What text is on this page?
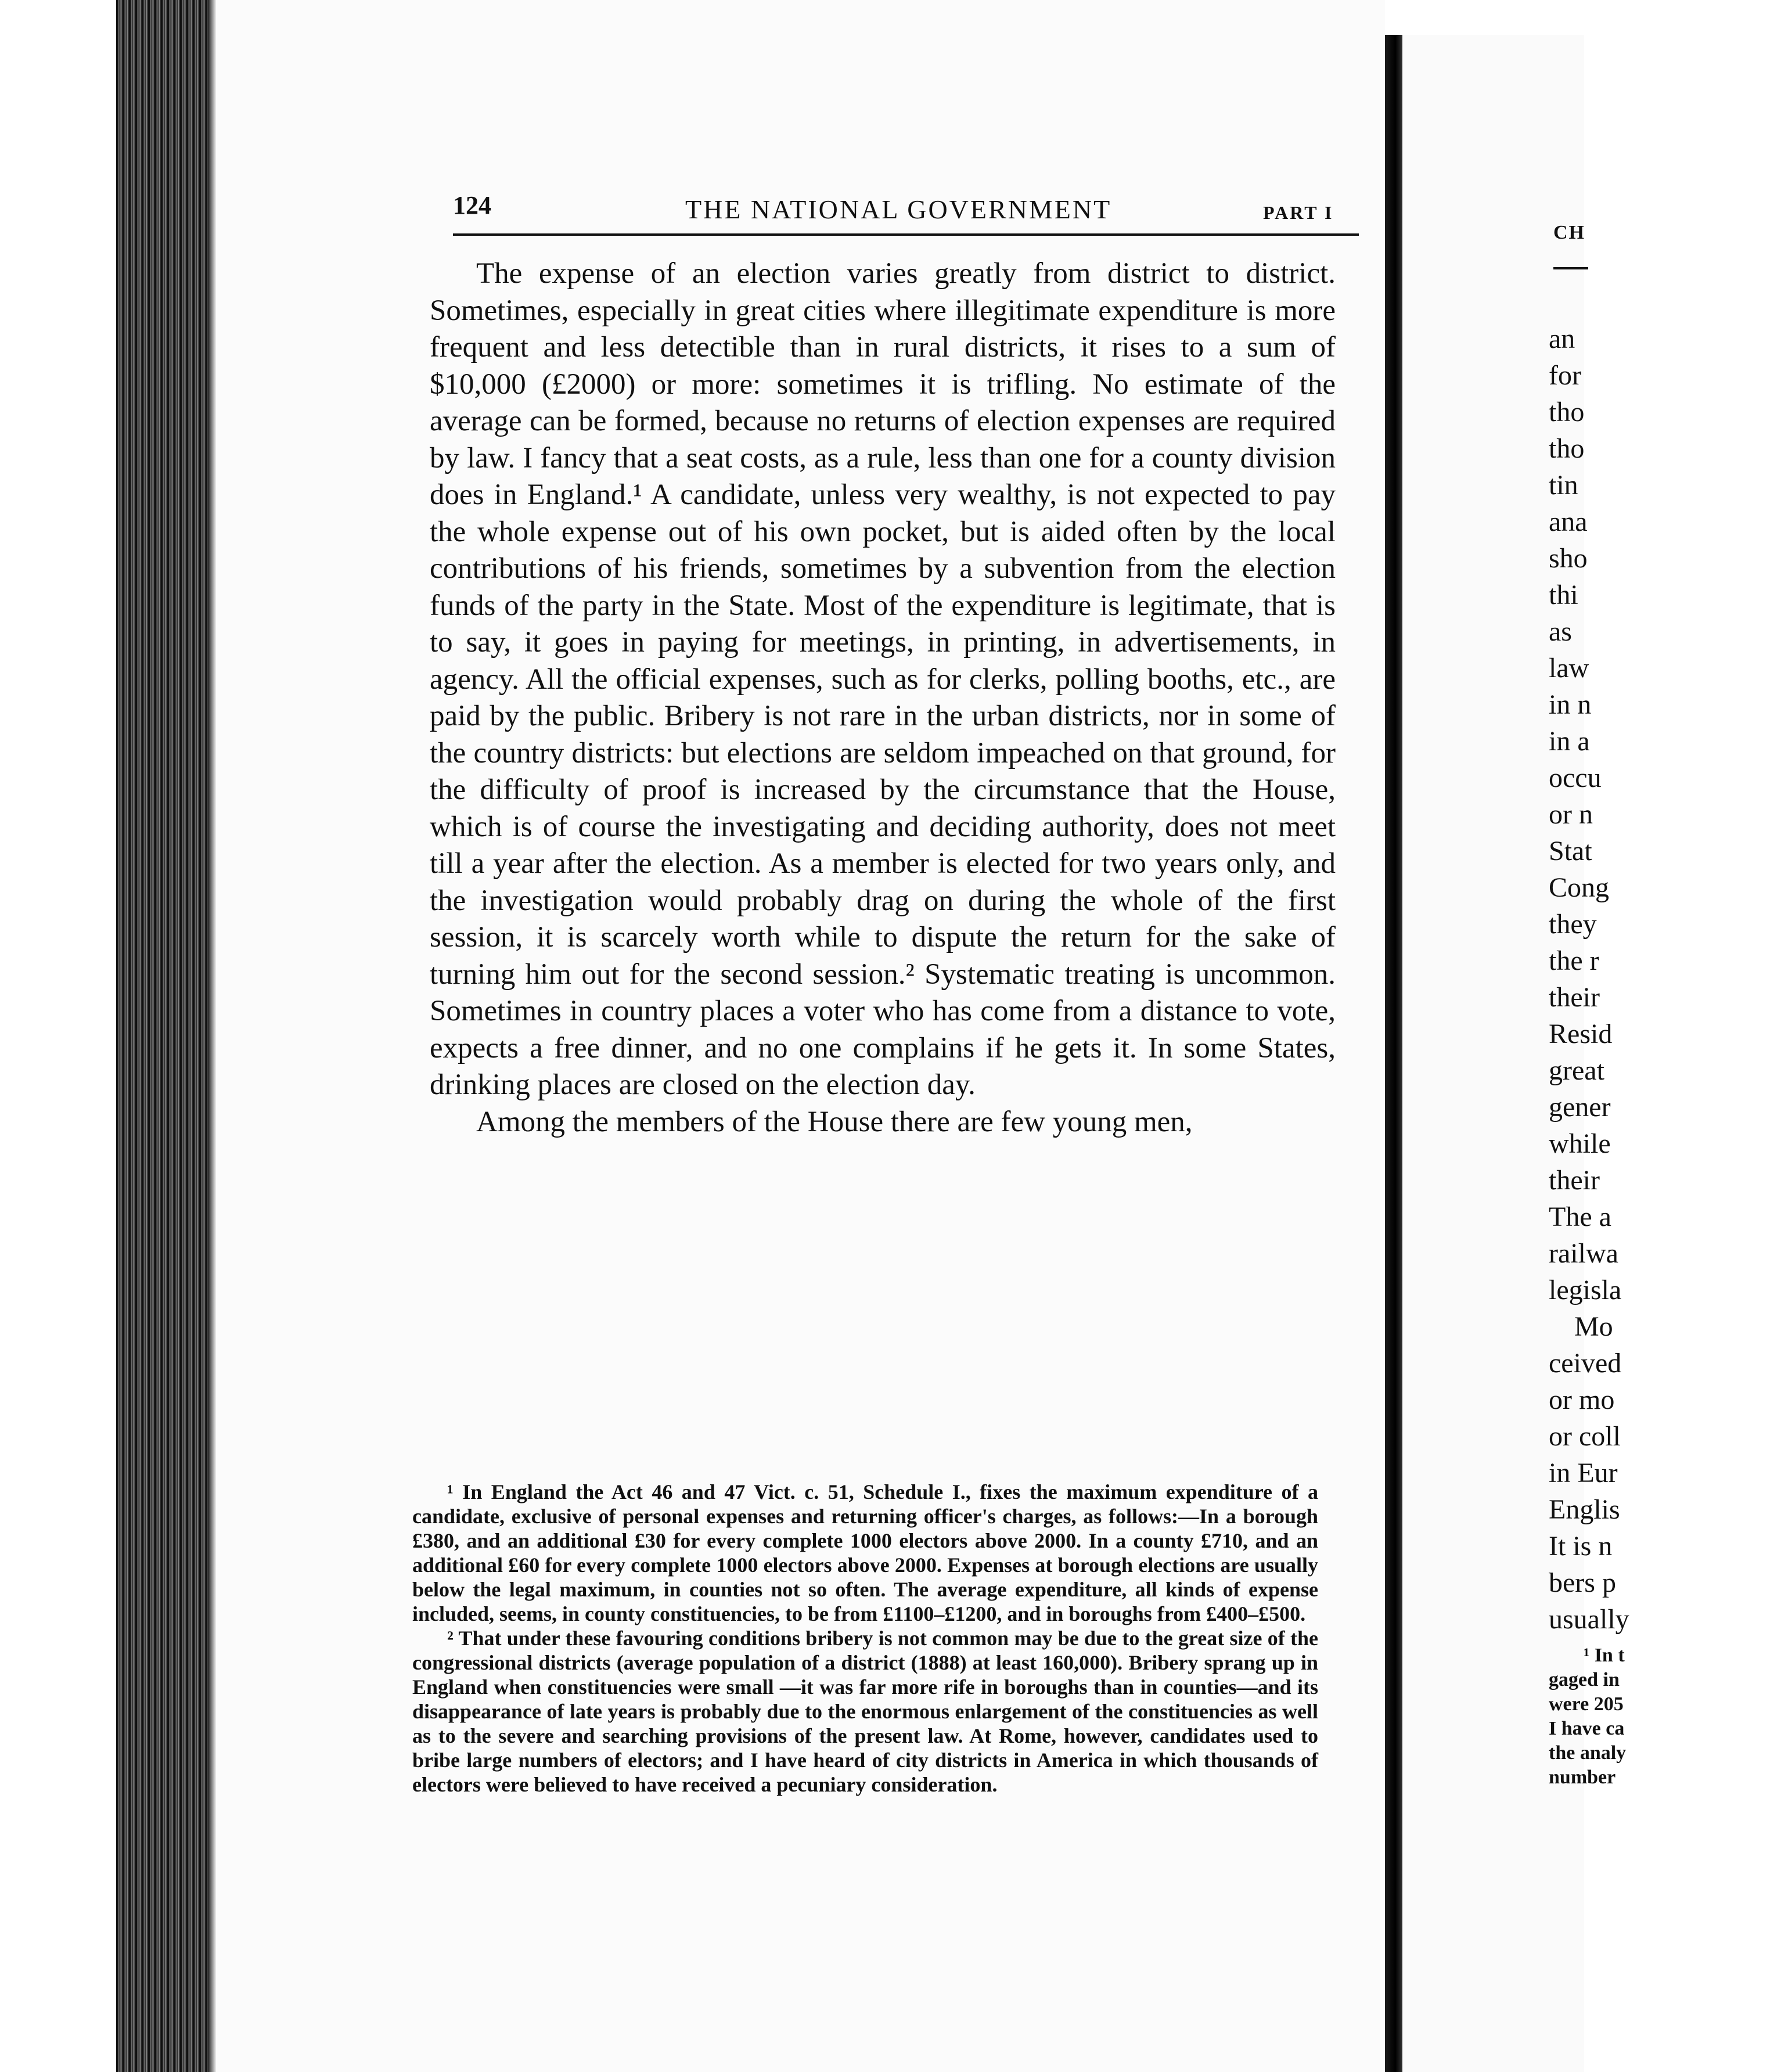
124	THE NATIONAL GOVERNMENT	PART I

The expense of an election varies greatly from district to district. Sometimes, especially in great cities where illegitimate expenditure is more frequent and less detectible than in rural districts, it rises to a sum of $10,000 (£2000) or more: sometimes it is trifling. No estimate of the average can be formed, because no returns of election expenses are required by law. I fancy that a seat costs, as a rule, less than one for a county division does in England.¹ A candidate, unless very wealthy, is not expected to pay the whole expense out of his own pocket, but is aided often by the local contributions of his friends, sometimes by a subvention from the election funds of the party in the State. Most of the expenditure is legitimate, that is to say, it goes in paying for meetings, in printing, in advertisements, in agency. All the official expenses, such as for clerks, polling booths, etc., are paid by the public. Bribery is not rare in the urban districts, nor in some of the country districts: but elections are seldom impeached on that ground, for the difficulty of proof is increased by the circumstance that the House, which is of course the investigating and deciding authority, does not meet till a year after the election. As a member is elected for two years only, and the investigation would probably drag on during the whole of the first session, it is scarcely worth while to dispute the return for the sake of turning him out for the second session.² Systematic treating is uncommon. Sometimes in country places a voter who has come from a distance to vote, expects a free dinner, and no one complains if he gets it. In some States, drinking places are closed on the election day.

Among the members of the House there are few young men,

¹ In England the Act 46 and 47 Vict. c. 51, Schedule I., fixes the maximum expenditure of a candidate, exclusive of personal expenses and returning officer's charges, as follows:—In a borough £380, and an additional £30 for every complete 1000 electors above 2000. In a county £710, and an additional £60 for every complete 1000 electors above 2000. Expenses at borough elections are usually below the legal maximum, in counties not so often. The average expenditure, all kinds of expense included, seems, in county constituencies, to be from £1100–£1200, and in boroughs from £400–£500.

² That under these favouring conditions bribery is not common may be due to the great size of the congressional districts (average population of a district (1888) at least 160,000). Bribery sprang up in England when constituencies were small —it was far more rife in boroughs than in counties—and its disappearance of late years is probably due to the enormous enlargement of the constituencies as well as to the severe and searching provisions of the present law. At Rome, however, candidates used to bribe large numbers of electors; and I have heard of city districts in America in which thousands of electors were believed to have received a pecuniary consideration.

CH
an
for
tho
tho
tin
ana
sho
thi
as
law
in n
in a
occu
or n
Stat
Cong
they
the r
their
Resid
great
gener
while
their
The a
railwa
legisla
Mo
ceived
or mo
or coll
in Eur
Englis
It is n
bers p
usually
¹ In t
gaged in
were 205
I have ca
the analy
number
